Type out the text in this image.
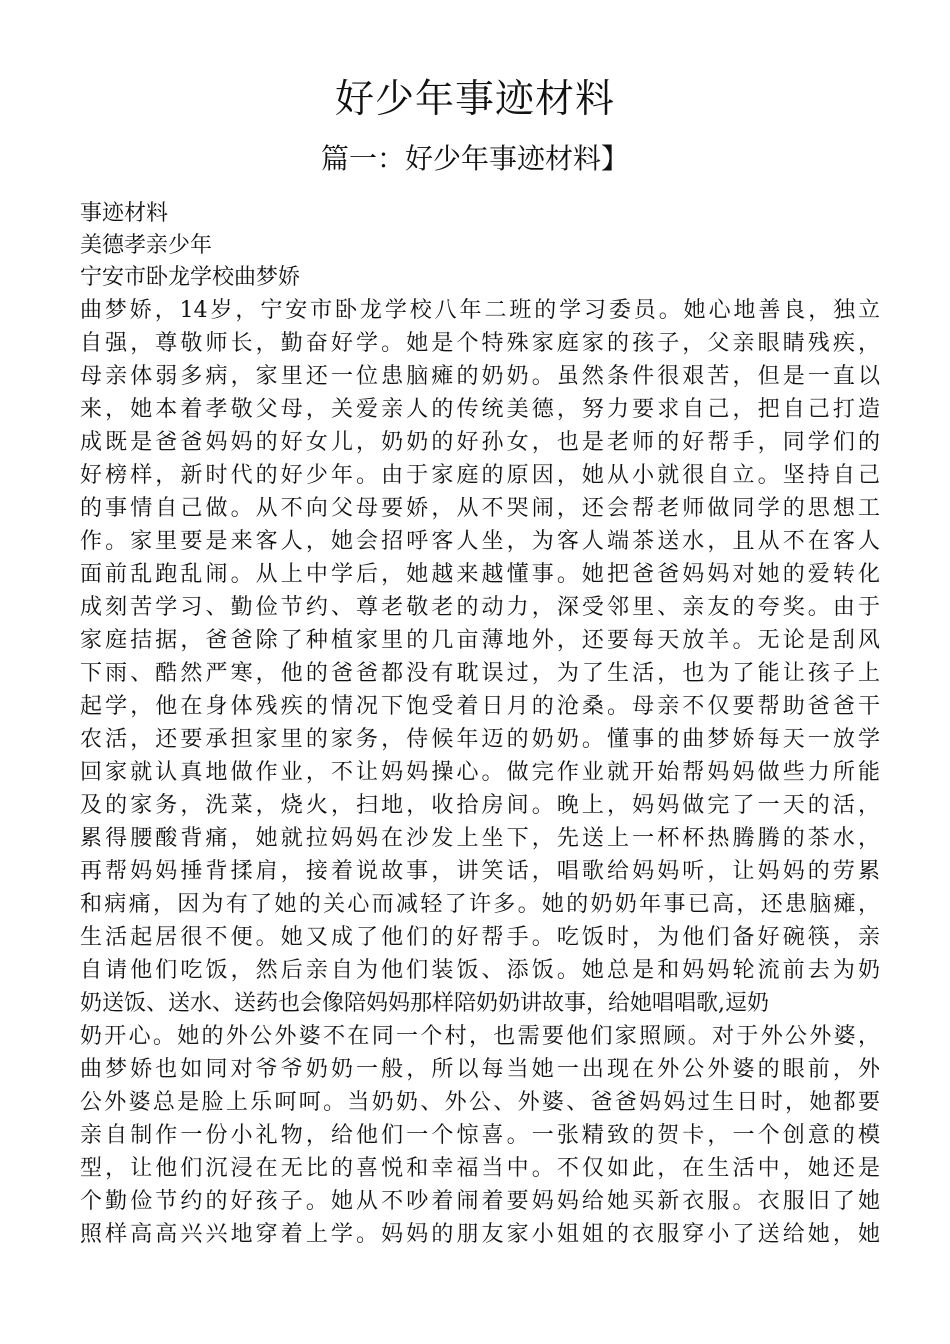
好少年事迹材料
篇一：好少年事迹材料】
事迹材料
美德孝亲少年
宁安市卧龙学校曲梦娇
曲梦娇，14岁，宁安市卧龙学校八年二班的学习委员。她心地善良，独立
自强，尊敬师长，勤奋好学。她是个特殊家庭家的孩子，父亲眼睛残疾，
母亲体弱多病，家里还一位患脑瘫的奶奶。虽然条件很艰苦，但是一直以
来，她本着孝敬父母，关爱亲人的传统美德，努力要求自己，把自己打造
成既是爸爸妈妈的好女儿，奶奶的好孙女，也是老师的好帮手，同学们的
好榜样，新时代的好少年。由于家庭的原因，她从小就很自立。坚持自己
的事情自己做。从不向父母要娇，从不哭闹，还会帮老师做同学的思想工
作。家里要是来客人，她会招呼客人坐，为客人端茶送水，且从不在客人
面前乱跑乱闹。从上中学后，她越来越懂事。她把爸爸妈妈对她的爱转化
成刻苦学习、勤俭节约、尊老敬老的动力，深受邻里、亲友的夸奖。由于
家庭拮据，爸爸除了种植家里的几亩薄地外，还要每天放羊。无论是刮风
下雨、酷然严寒，他的爸爸都没有耽误过，为了生活，也为了能让孩子上
起学，他在身体残疾的情况下饱受着日月的沧桑。母亲不仅要帮助爸爸干
农活，还要承担家里的家务，侍候年迈的奶奶。懂事的曲梦娇每天一放学
回家就认真地做作业，不让妈妈操心。做完作业就开始帮妈妈做些力所能
及的家务，洗菜，烧火，扫地，收拾房间。晚上，妈妈做完了一天的活，
累得腰酸背痛，她就拉妈妈在沙发上坐下，先送上一杯杯热腾腾的茶水，
再帮妈妈捶背揉肩，接着说故事，讲笑话，唱歌给妈妈听，让妈妈的劳累
和病痛，因为有了她的关心而减轻了许多。她的奶奶年事已高，还患脑瘫，
生活起居很不便。她又成了他们的好帮手。吃饭时，为他们备好碗筷，亲
自请他们吃饭，然后亲自为他们装饭、添饭。她总是和妈妈轮流前去为奶
奶送饭、送水、送药也会像陪妈妈那样陪奶奶讲故事，给她唱唱歌,逗奶
奶开心。她的外公外婆不在同一个村，也需要他们家照顾。对于外公外婆，
曲梦娇也如同对爷爷奶奶一般，所以每当她一出现在外公外婆的眼前，外
公外婆总是脸上乐呵呵。当奶奶、外公、外婆、爸爸妈妈过生日时，她都要
亲自制作一份小礼物，给他们一个惊喜。一张精致的贺卡，一个创意的模
型，让他们沉浸在无比的喜悦和幸福当中。不仅如此，在生活中，她还是
个勤俭节约的好孩子。她从不吵着闹着要妈妈给她买新衣服。衣服旧了她
照样高高兴兴地穿着上学。妈妈的朋友家小姐姐的衣服穿小了送给她，她
